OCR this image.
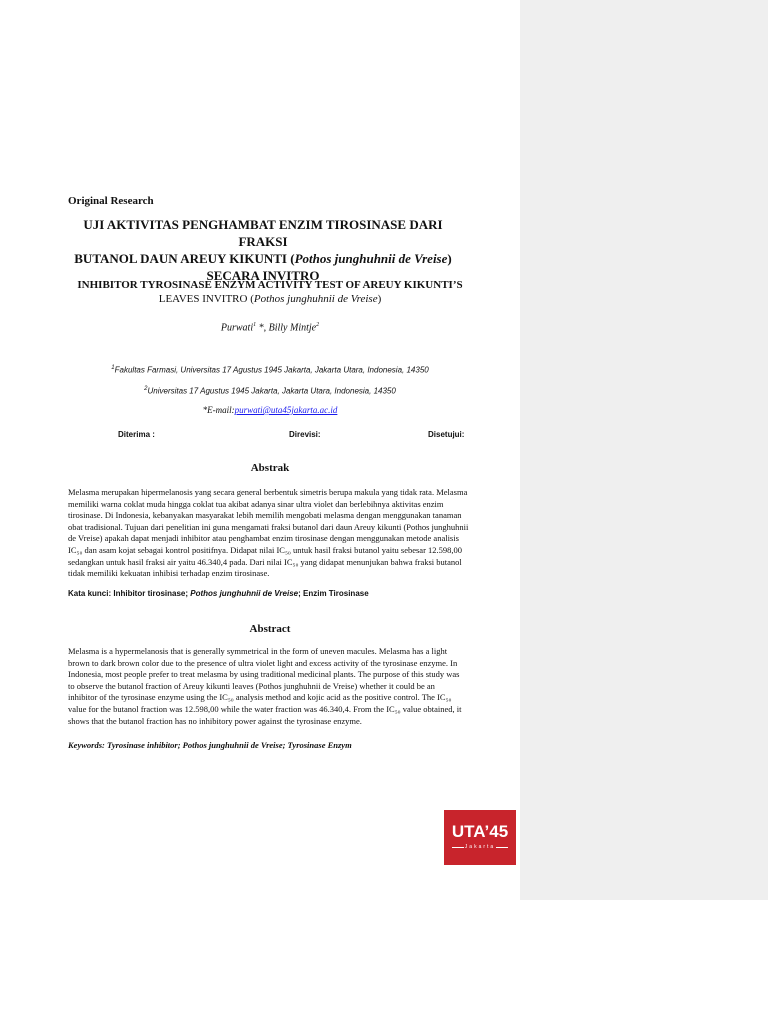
Original Research
UJI AKTIVITAS PENGHAMBAT ENZIM TIROSINASE DARI FRAKSI
BUTANOL DAUN AREUY KIKUNTI (Pothos junghuhnii de Vreise)
SECARA INVITRO
INHIBITOR TYROSINASE ENZYM ACTIVITY TEST OF AREUY KIKUNTI’S
LEAVES INVITRO (Pothos junghuhnii de Vreise)
Purwati$^1$ *, Billy Mintje$^2$
$^1$Fakultas Farmasi, Universitas 17 Agustus 1945 Jakarta, Jakarta Utara, Indonesia, 14350
$^2$Universitas 17 Agustus 1945 Jakarta, Jakarta Utara, Indonesia, 14350
*E-mail:purwati@uta45jakarta.ac.id
Diterima :	Direvisi:	Disetujui:
Abstrak
Melasma merupakan hipermelanosis yang secara general berbentuk simetris berupa makula yang tidak rata. Melasma
memiliki warna coklat muda hingga coklat tua akibat adanya sinar ultra violet dan berlebihnya aktivitas enzim
tirosinase. Di Indonesia, kebanyakan masyarakat lebih memilih mengobati melasma dengan menggunakan tanaman
obat tradisional. Tujuan dari penelitian ini guna mengamati fraksi butanol dari daun Areuy kikunti (Pothos junghuhnii
de Vreise) apakah dapat menjadi inhibitor atau penghambat enzim tirosinase dengan menggunakan metode analisis
IC₅₀ dan asam kojat sebagai kontrol positifnya. Didapat nilai IC₅₀ untuk hasil fraksi butanol yaitu sebesar 12.598,00
sedangkan untuk hasil fraksi air yaitu 46.340,4 pada. Dari nilai IC₅₀ yang didapat menunjukan bahwa fraksi butanol
tidak memiliki kekuatan inhibisi terhadap enzim tirosinase.
Kata kunci: Inhibitor tirosinase; Pothos junghuhnii de Vreise; Enzim Tirosinase
Abstract
Melasma is a hypermelanosis that is generally symmetrical in the form of uneven macules. Melasma has a light
brown to dark brown color due to the presence of ultra violet light and excess activity of the tyrosinase enzyme. In
Indonesia, most people prefer to treat melasma by using traditional medicinal plants. The purpose of this study was
to observe the butanol fraction of Areuy kikunti leaves (Pothos junghuhnii de Vreise) whether it could be an
inhibitor of the tyrosinase enzyme using the IC₅₀ analysis method and kojic acid as the positive control. The IC₅₀
value for the butanol fraction was 12.598,00 while the water fraction was 46.340,4. From the IC₅₀ value obtained, it
shows that the butanol fraction has no inhibitory power against the tyrosinase enzyme.
Keywords: Tyrosinase inhibitor; Pothos junghuhnii de Vreise; Tyrosinase Enzym
UTA’45
Jakarta
